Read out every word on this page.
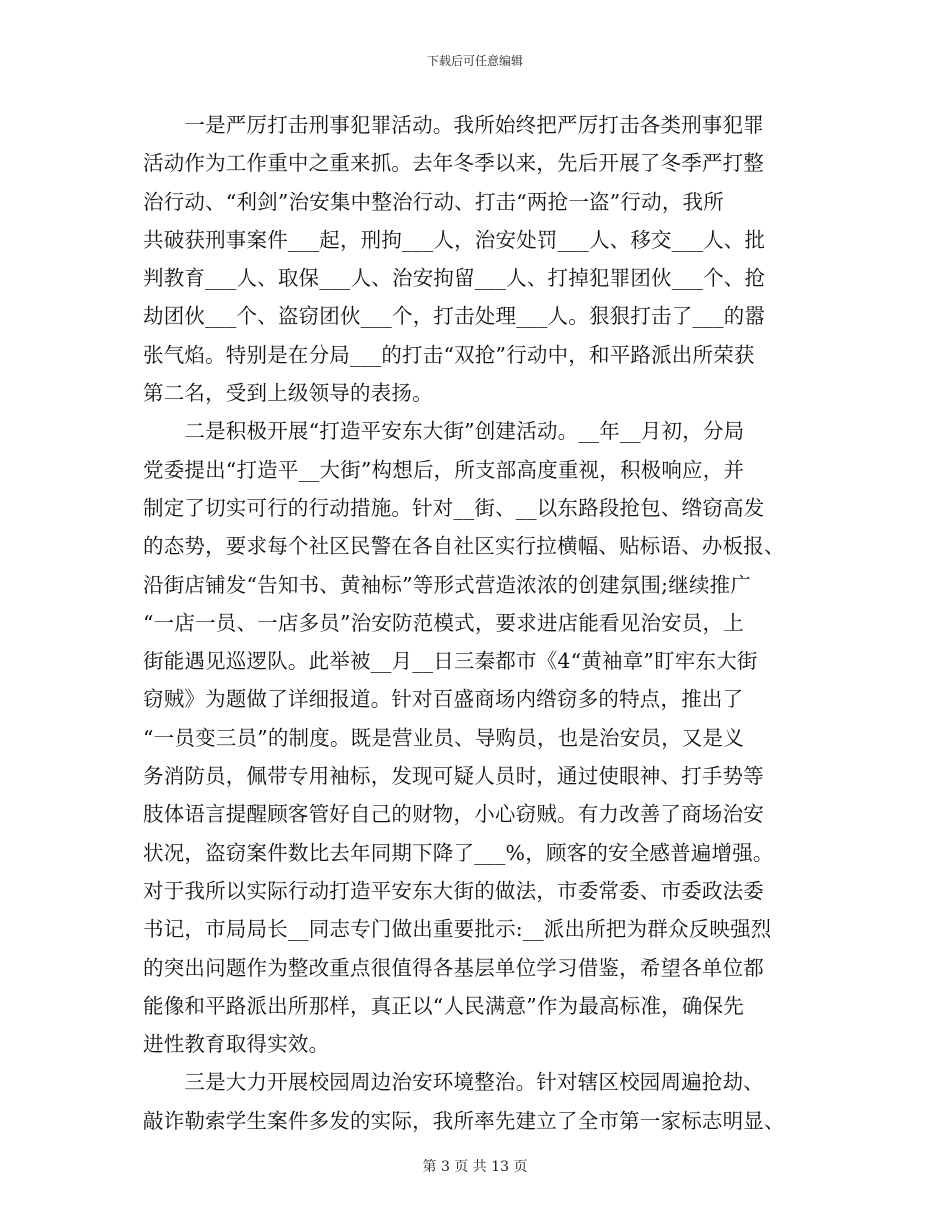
下载后可任意编辑

　　一是严厉打击刑事犯罪活动。我所始终把严厉打击各类刑事犯罪
活动作为工作重中之重来抓。去年冬季以来，先后开展了冬季严打整
治行动、“利剑”治安集中整治行动、打击“两抢一盗”行动，我所
共破获刑事案件___起，刑拘___人，治安处罚___人、移交___人、批
判教育___人、取保___人、治安拘留___人、打掉犯罪团伙___个、抢
劫团伙___个、盗窃团伙___个，打击处理___人。狠狠打击了___的嚣
张气焰。特别是在分局___的打击“双抢”行动中，和平路派出所荣获
第二名，受到上级领导的表扬。

　　二是积极开展“打造平安东大街”创建活动。__年__月初，分局
党委提出“打造平__大街”构想后，所支部高度重视，积极响应，并
制定了切实可行的行动措施。针对__街、__以东路段抢包、绺窃高发
的态势，要求每个社区民警在各自社区实行拉横幅、贴标语、办板报、
沿街店铺发“告知书、黄袖标”等形式营造浓浓的创建氛围;继续推广
“一店一员、一店多员”治安防范模式，要求进店能看见治安员，上
街能遇见巡逻队。此举被__月__日三秦都市《4“黄袖章”盯牢东大街
窃贼》为题做了详细报道。针对百盛商场内绺窃多的特点，推出了
“一员变三员”的制度。既是营业员、导购员，也是治安员，又是义
务消防员，佩带专用袖标，发现可疑人员时，通过使眼神、打手势等
肢体语言提醒顾客管好自己的财物，小心窃贼。有力改善了商场治安
状况，盗窃案件数比去年同期下降了___%，顾客的安全感普遍增强。
对于我所以实际行动打造平安东大街的做法，市委常委、市委政法委
书记，市局局长__同志专门做出重要批示:__派出所把为群众反映强烈
的突出问题作为整改重点很值得各基层单位学习借鉴，希望各单位都
能像和平路派出所那样，真正以“人民满意”作为最高标准，确保先
进性教育取得实效。

　　三是大力开展校园周边治安环境整治。针对辖区校园周遍抢劫、
敲诈勒索学生案件多发的实际，我所率先建立了全市第一家标志明显、

第 3 页 共 13 页
